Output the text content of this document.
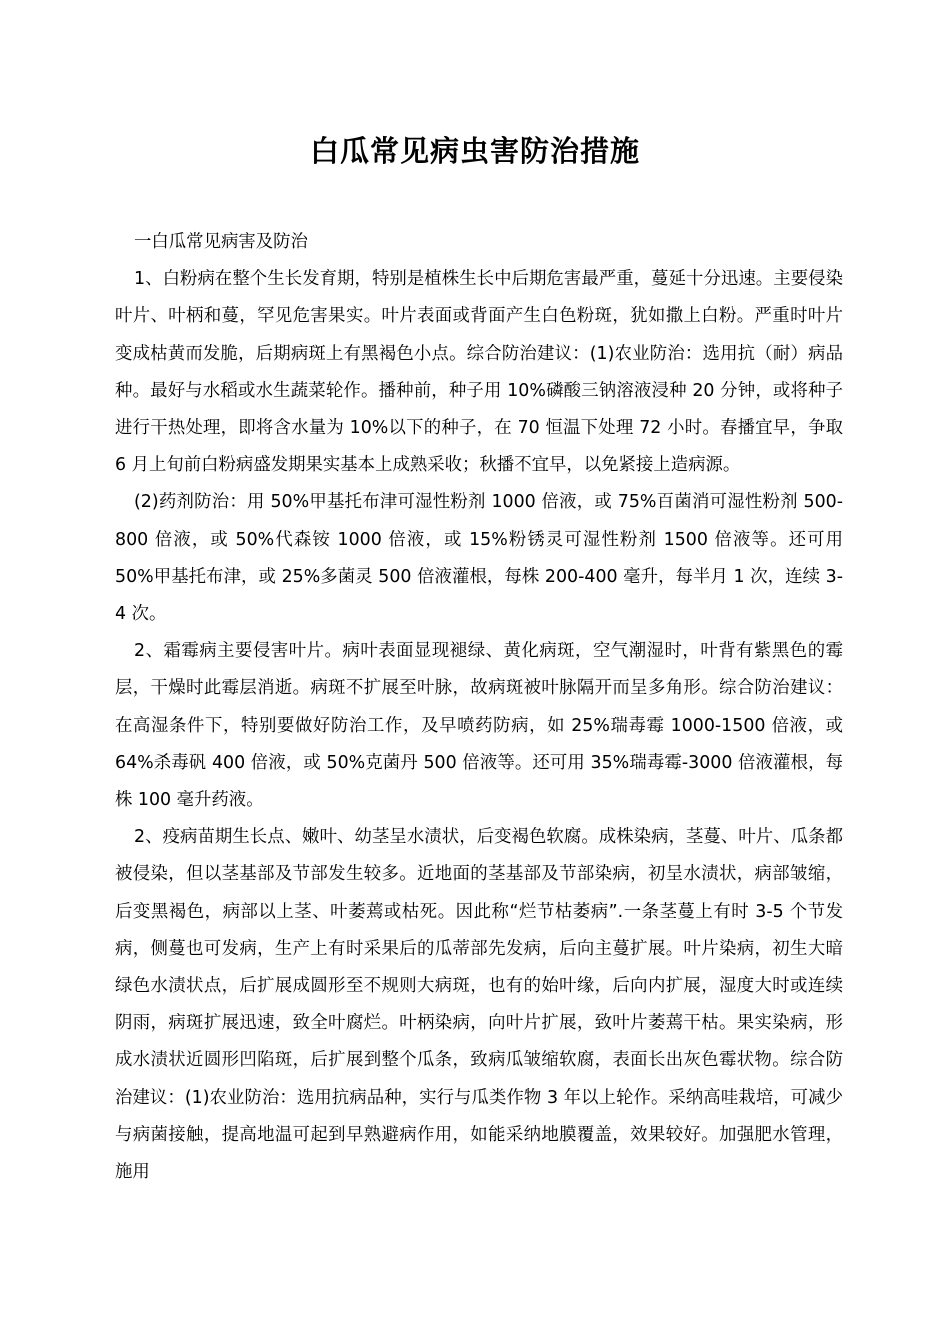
白瓜常见病虫害防治措施

一白瓜常见病害及防治

1、白粉病在整个生长发育期，特别是植株生长中后期危害最严重，蔓延十分迅速。主要侵染叶片、叶柄和蔓，罕见危害果实。叶片表面或背面产生白色粉斑，犹如撒上白粉。严重时叶片变成枯黄而发脆，后期病斑上有黑褐色小点。综合防治建议：(1)农业防治：选用抗（耐）病品种。最好与水稻或水生蔬菜轮作。播种前，种子用 10%磷酸三钠溶液浸种 20 分钟，或将种子进行干热处理，即将含水量为 10%以下的种子，在 70 恒温下处理 72 小时。春播宜早，争取 6 月上旬前白粉病盛发期果实基本上成熟采收；秋播不宜早，以免紧接上造病源。

(2)药剂防治：用 50%甲基托布津可湿性粉剂 1000 倍液，或 75%百菌消可湿性粉剂 500-800 倍液，或 50%代森铵 1000 倍液，或 15%粉锈灵可湿性粉剂 1500 倍液等。还可用 50%甲基托布津，或 25%多菌灵 500 倍液灌根，每株 200-400 毫升，每半月 1 次，连续 3-4 次。

2、霜霉病主要侵害叶片。病叶表面显现褪绿、黄化病斑，空气潮湿时，叶背有紫黑色的霉层，干燥时此霉层消逝。病斑不扩展至叶脉，故病斑被叶脉隔开而呈多角形。综合防治建议：在高湿条件下，特别要做好防治工作，及早喷药防病，如 25%瑞毒霉 1000-1500 倍液，或 64%杀毒矾 400 倍液，或 50%克菌丹 500 倍液等。还可用 35%瑞毒霉-3000 倍液灌根，每株 100 毫升药液。

2、疫病苗期生长点、嫩叶、幼茎呈水渍状，后变褐色软腐。成株染病，茎蔓、叶片、瓜条都被侵染，但以茎基部及节部发生较多。近地面的茎基部及节部染病，初呈水渍状，病部皱缩，后变黑褐色，病部以上茎、叶萎蔫或枯死。因此称“烂节枯萎病”.一条茎蔓上有时 3-5 个节发病，侧蔓也可发病，生产上有时采果后的瓜蒂部先发病，后向主蔓扩展。叶片染病，初生大暗绿色水渍状点，后扩展成圆形至不规则大病斑，也有的始叶缘，后向内扩展，湿度大时或连续阴雨，病斑扩展迅速，致全叶腐烂。叶柄染病，向叶片扩展，致叶片萎蔫干枯。果实染病，形成水渍状近圆形凹陷斑，后扩展到整个瓜条，致病瓜皱缩软腐，表面长出灰色霉状物。综合防治建议：(1)农业防治：选用抗病品种，实行与瓜类作物 3 年以上轮作。采纳高哇栽培，可减少与病菌接触，提高地温可起到早熟避病作用，如能采纳地膜覆盖，效果较好。加强肥水管理，施用
